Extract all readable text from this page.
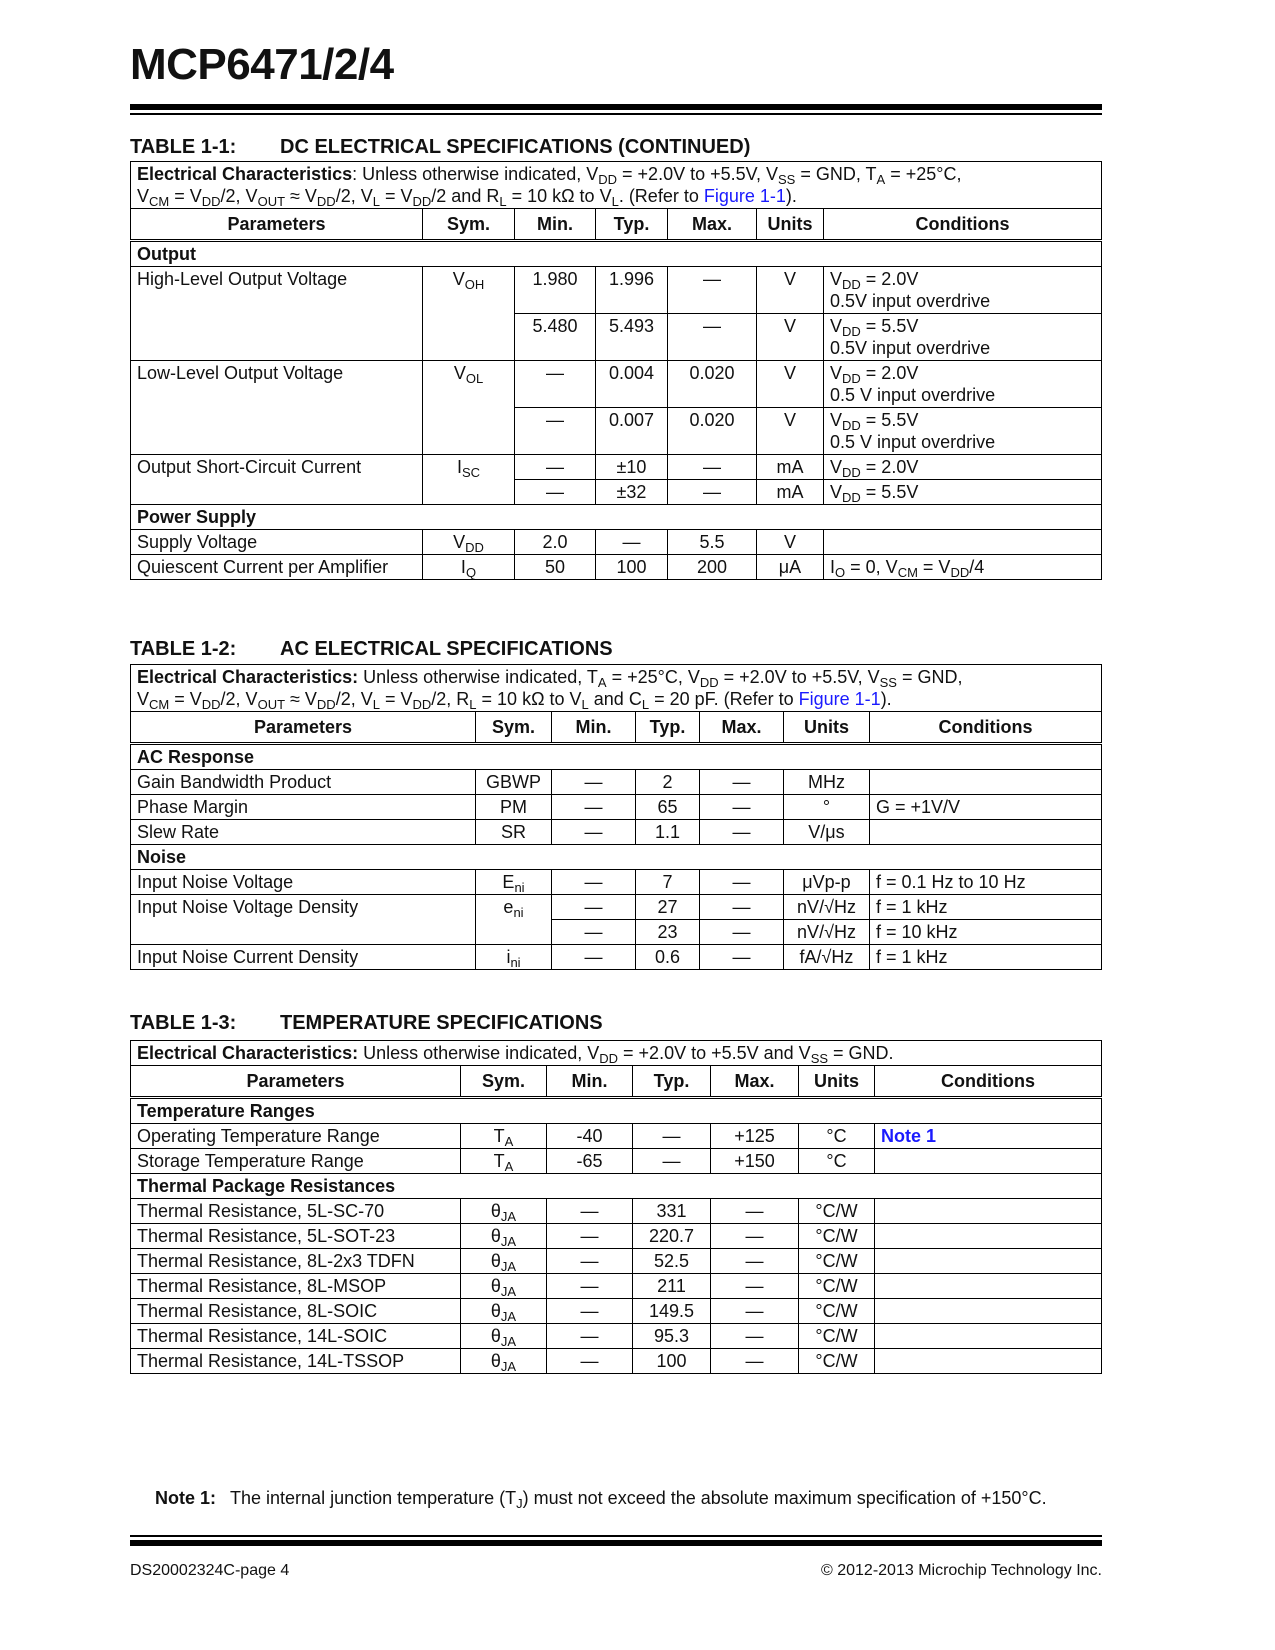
MCP6471/2/4
TABLE 1-1: DC ELECTRICAL SPECIFICATIONS (CONTINUED)
Electrical Characteristics: Unless otherwise indicated, $V_{DD} = +2.0V$ to +5.5V, $V_{SS}$ = GND, $T_A = +25^\circ C$,
$V_{CM} = V_{DD}/2$, $V_{OUT} \approx V_{DD}/2$, $V_L = V_{DD}/2$ and $R_L = 10$ kΩ to $V_L$. (Refer to Figure 1-1).						
Parameters	Sym.	Min.	Typ.	Max.	Units	Conditions
Output						
High-Level Output Voltage	$V_{OH}$	1.980	1.996	—	V	$V_{DD} = 2.0V$
0.5V input overdrive
		5.480	5.493	—	V	$V_{DD} = 5.5V$
0.5V input overdrive
Low-Level Output Voltage	$V_{OL}$	—	0.004	0.020	V	$V_{DD} = 2.0V$
0.5 V input overdrive
		—	0.007	0.020	V	$V_{DD} = 5.5V$
0.5 V input overdrive
Output Short-Circuit Current	$I_{SC}$	—	±10	—	mA	$V_{DD} = 2.0V$
		—	±32	—	mA	$V_{DD} = 5.5V$
Power Supply						
Supply Voltage	$V_{DD}$	2.0	—	5.5	V	
Quiescent Current per Amplifier	$I_Q$	50	100	200	μA	$I_O = 0$, $V_{CM} = V_{DD}/4$
TABLE 1-2: AC ELECTRICAL SPECIFICATIONS
Electrical Characteristics: Unless otherwise indicated, $T_A = +25^\circ C$, $V_{DD} = +2.0V$ to +5.5V, $V_{SS}$ = GND,
$V_{CM} = V_{DD}/2$, $V_{OUT} \approx V_{DD}/2$, $V_L = V_{DD}/2$, $R_L = 10$ kΩ to $V_L$ and $C_L = 20$ pF. (Refer to Figure 1-1).						
Parameters	Sym.	Min.	Typ.	Max.	Units	Conditions
AC Response						
Gain Bandwidth Product	GBWP	—	2	—	MHz	
Phase Margin	PM	—	65	—	°	G = +1V/V
Slew Rate	SR	—	1.1	—	V/μs	
Noise						
Input Noise Voltage	$E_{ni}$	—	7	—	μVp-p	f = 0.1 Hz to 10 Hz
Input Noise Voltage Density	$e_{ni}$	—	27	—	nV/√Hz	f = 1 kHz
		—	23	—	nV/√Hz	f = 10 kHz
Input Noise Current Density	$i_{ni}$	—	0.6	—	fA/√Hz	f = 1 kHz
TABLE 1-3: TEMPERATURE SPECIFICATIONS
Electrical Characteristics: Unless otherwise indicated, $V_{DD} = +2.0V$ to +5.5V and $V_{SS}$ = GND.						
Parameters	Sym.	Min.	Typ.	Max.	Units	Conditions
Temperature Ranges						
Operating Temperature Range	$T_A$	-40	—	+125	°C	Note 1
Storage Temperature Range	$T_A$	-65	—	+150	°C	
Thermal Package Resistances						
Thermal Resistance, 5L-SC-70	$\theta_{JA}$	—	331	—	°C/W	
Thermal Resistance, 5L-SOT-23	$\theta_{JA}$	—	220.7	—	°C/W	
Thermal Resistance, 8L-2x3 TDFN	$\theta_{JA}$	—	52.5	—	°C/W	
Thermal Resistance, 8L-MSOP	$\theta_{JA}$	—	211	—	°C/W	
Thermal Resistance, 8L-SOIC	$\theta_{JA}$	—	149.5	—	°C/W	
Thermal Resistance, 14L-SOIC	$\theta_{JA}$	—	95.3	—	°C/W	
Thermal Resistance, 14L-TSSOP	$\theta_{JA}$	—	100	—	°C/W	
Note 1: The internal junction temperature $(T_J)$ must not exceed the absolute maximum specification of +150°C.
DS20002324C-page 4	© 2012-2013 Microchip Technology Inc.
